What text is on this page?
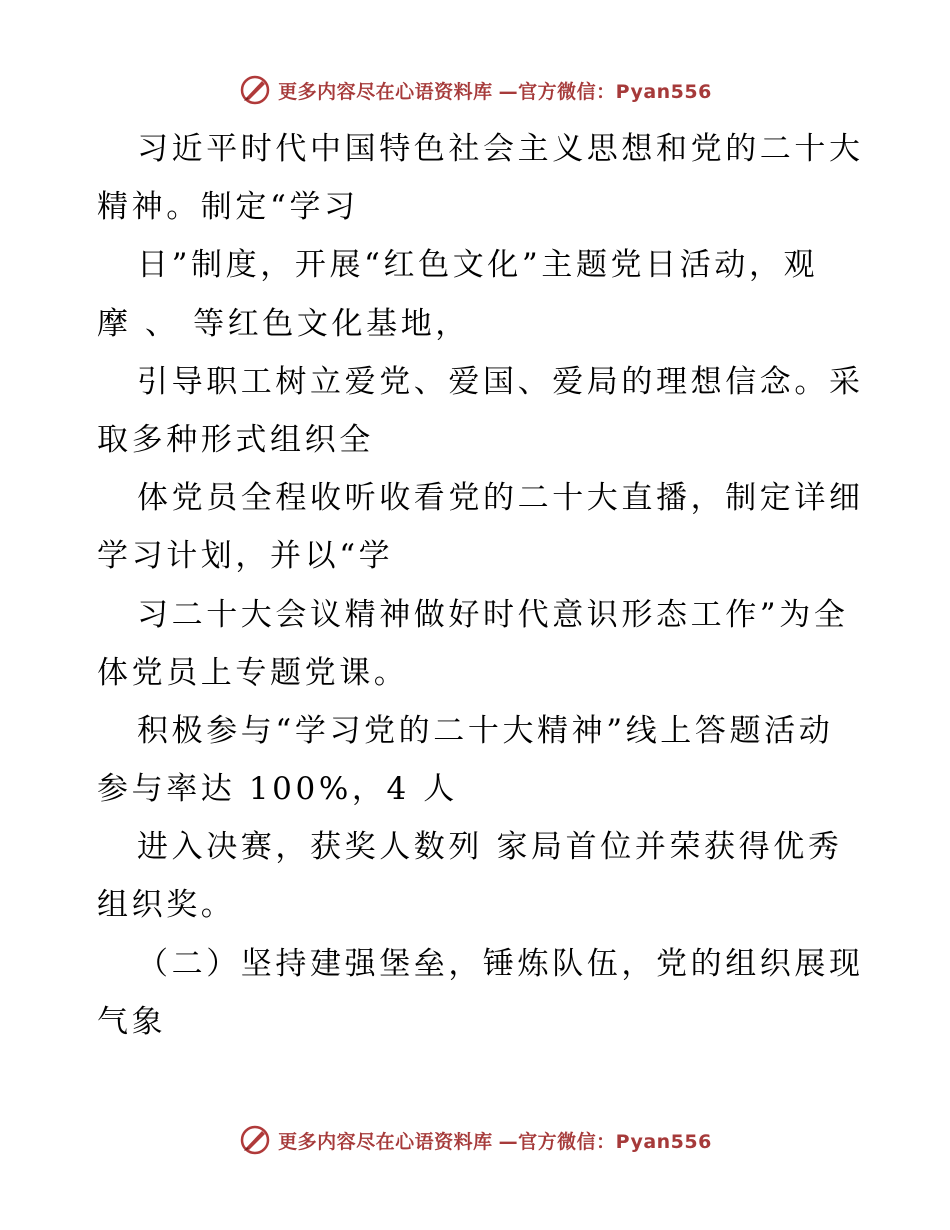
更多内容尽在心语资料库 —官方微信：Pyan556
习近平时代中国特色社会主义思想和党的二十大
精神。制定“学习
日”制度，开展“红色文化”主题党日活动，观
摩 、 等红色文化基地，
引导职工树立爱党、爱国、爱局的理想信念。采
取多种形式组织全
体党员全程收听收看党的二十大直播，制定详细
学习计划，并以“学
习二十大会议精神做好时代意识形态工作”为全
体党员上专题党课。
积极参与“学习党的二十大精神”线上答题活动
参与率达 100%，4 人
进入决赛，获奖人数列 家局首位并荣获得优秀
组织奖。
（二）坚持建强堡垒，锤炼队伍，党的组织展现
气象
更多内容尽在心语资料库 —官方微信：Pyan556
